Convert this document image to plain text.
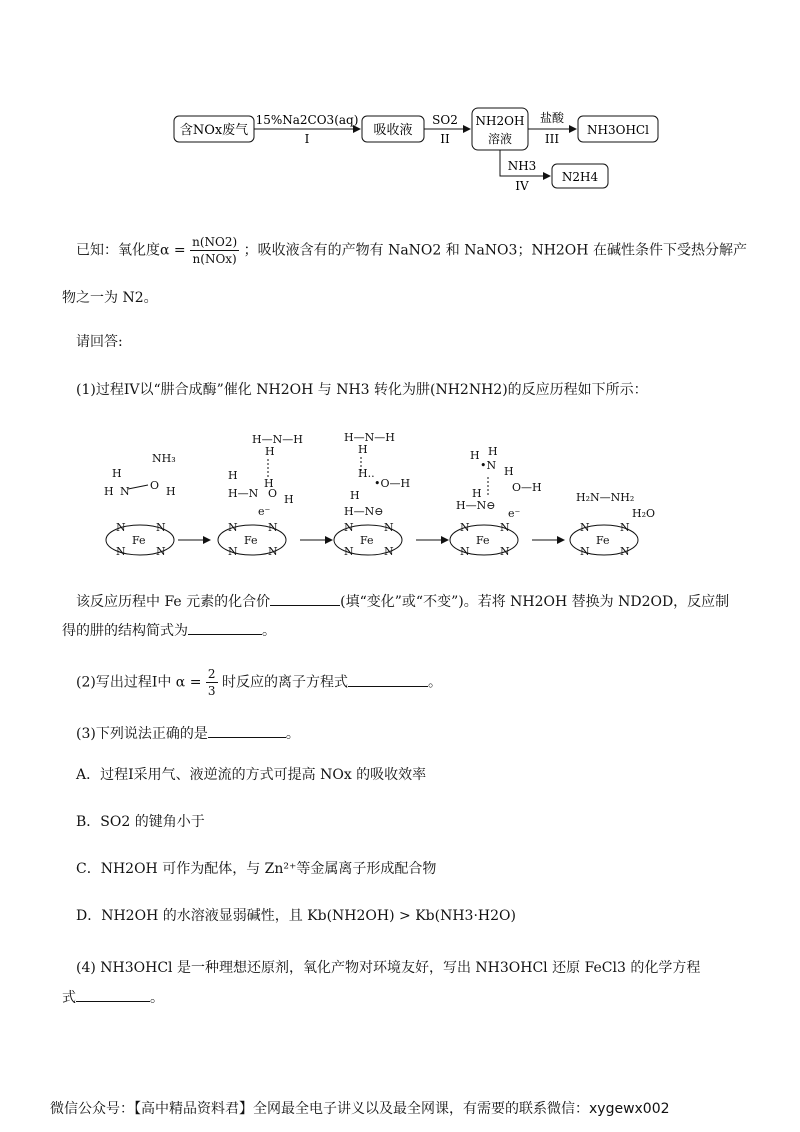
含NOx废气
15%Na2CO3(aq)
I
吸收液
SO2
II
NH2OH
溶液
盐酸
III
NH3OHCl
NH3
IV
N2H4
已知：氧化度$\alpha = \frac{n(NO2)}{\text{n(NOx)}}$ ；吸收液含有的产物有 NaNO2 和 NaNO3；NH2OH 在碱性条件下受热分解产
物之一为 N2。
请回答:
(1)过程IV以“肼合成酶”催化 NH2OH 与 NH3 转化为肼(NH2NH2)的反应历程如下所示：
NH₃
H
N
H	O H
Fe
N	N
N	N
H—N—H
H
H
H
H—N O H
e⁻
Fe
N	N
N	N
H—N—H
H
H..
•O—H
H
H—N⊖
Fe
N	N
N	N
H
•N
H
H
O—H
H
H—N⊖
e⁻
Fe
N	N
N	N
H₂N—NH₂
H₂O
Fe
N	N
N	N
该反应历程中 Fe 元素的化合价	(填“变化”或“不变”)。若将 NH2OH 替换为 ND2OD，反应制
得的肼的结构简式为	。
(2)写出过程I中 $\alpha = \frac{2}{3}$ 时反应的离子方程式	。
(3)下列说法正确的是	。
A．过程I采用气、液逆流的方式可提高 NOx 的吸收效率
B．SO2 的键角小于
C．NH2OH 可作为配体，与 Zn²⁺等金属离子形成配合物
D．NH2OH 的水溶液显弱碱性，且 Kb(NH2OH) > Kb(NH3·H2O)
(4) NH3OHCl 是一种理想还原剂，氧化产物对环境友好，写出 NH3OHCl 还原 FeCl3 的化学方程
式	。
微信公众号：【高中精品资料君】全网最全电子讲义以及最全网课，有需要的联系微信：xygewx002
